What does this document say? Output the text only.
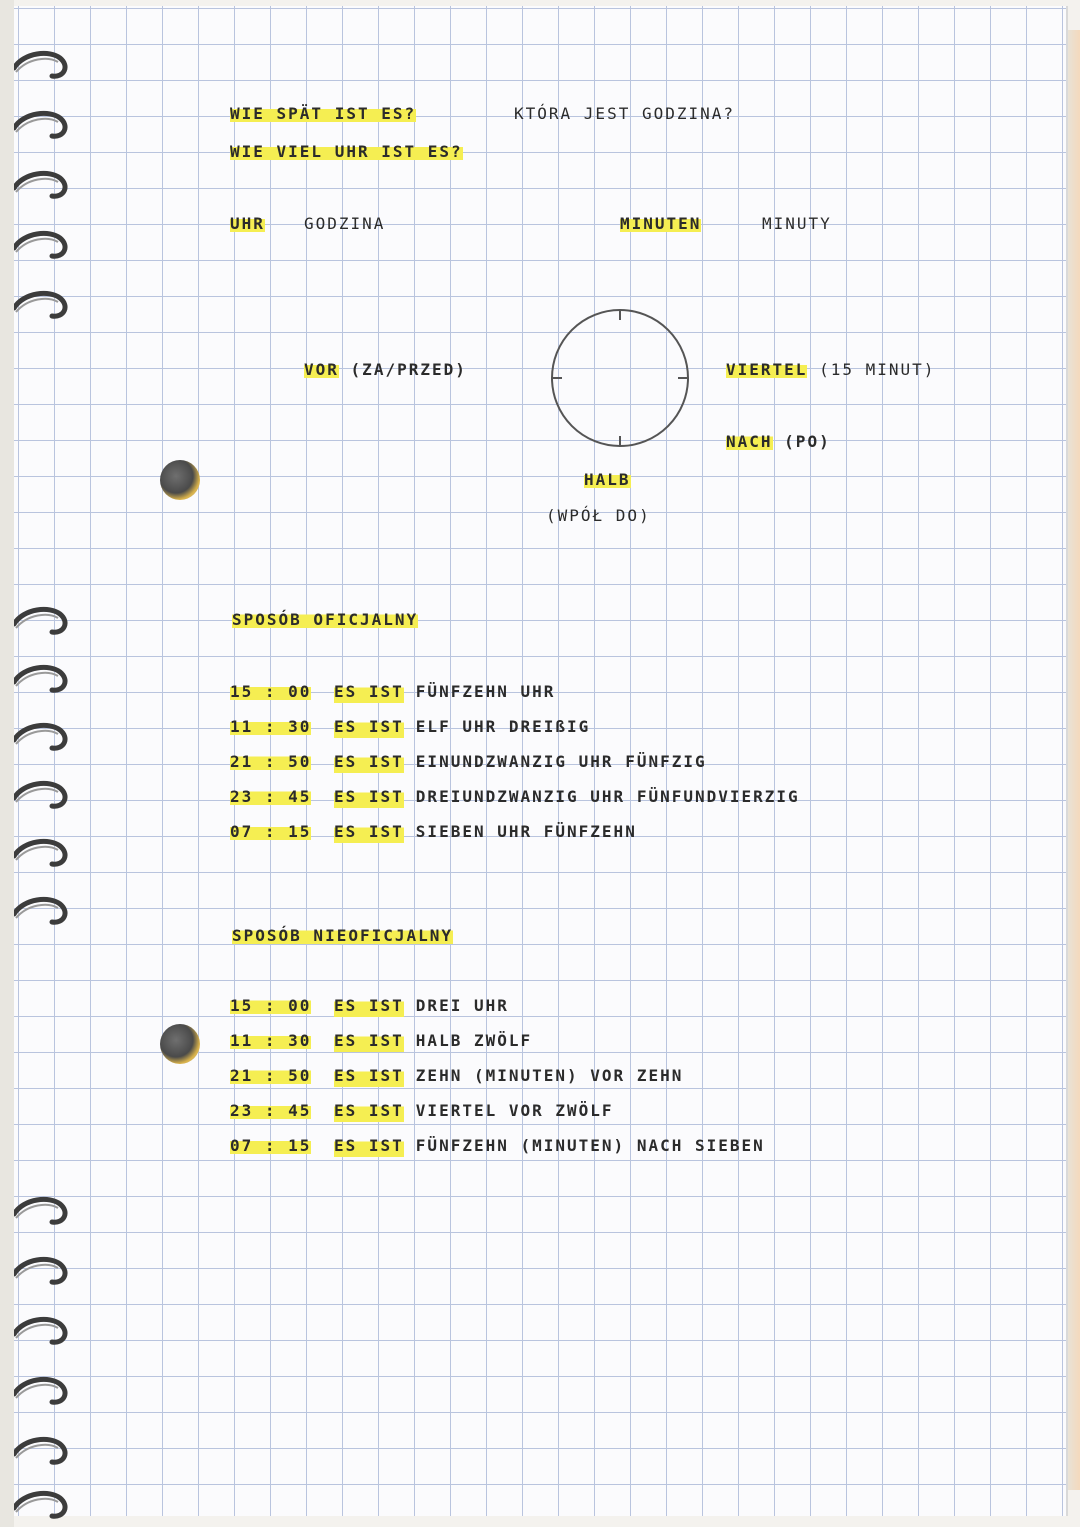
WIE SPÄT IST ES?	KTÓRA JEST GODZINA?
WIE VIEL UHR IST ES?
UHR GODZINA	MINUTEN	MINUTY
VOR (ZA/PRZED)	VIERTEL (15 MINUT)
NACH (PO)
HALB
(WPÓŁ DO)
SPOSÓB OFICJALNY
15 : 00	ES IST FÜNFZEHN UHR
11 : 30	ES IST ELF UHR DREIßIG
21 : 50	ES IST EINUNDZWANZIG UHR FÜNFZIG
23 : 45	ES IST DREIUNDZWANZIG UHR FÜNFUNDVIERZIG
07 : 15	ES IST SIEBEN UHR FÜNFZEHN
SPOSÓB NIEOFICJALNY
15 : 00	ES IST DREI UHR
11 : 30	ES IST HALB ZWÖLF
21 : 50	ES IST ZEHN (MINUTEN) VOR ZEHN
23 : 45	ES IST VIERTEL VOR ZWÖLF
07 : 15	ES IST FÜNFZEHN (MINUTEN) NACH SIEBEN
